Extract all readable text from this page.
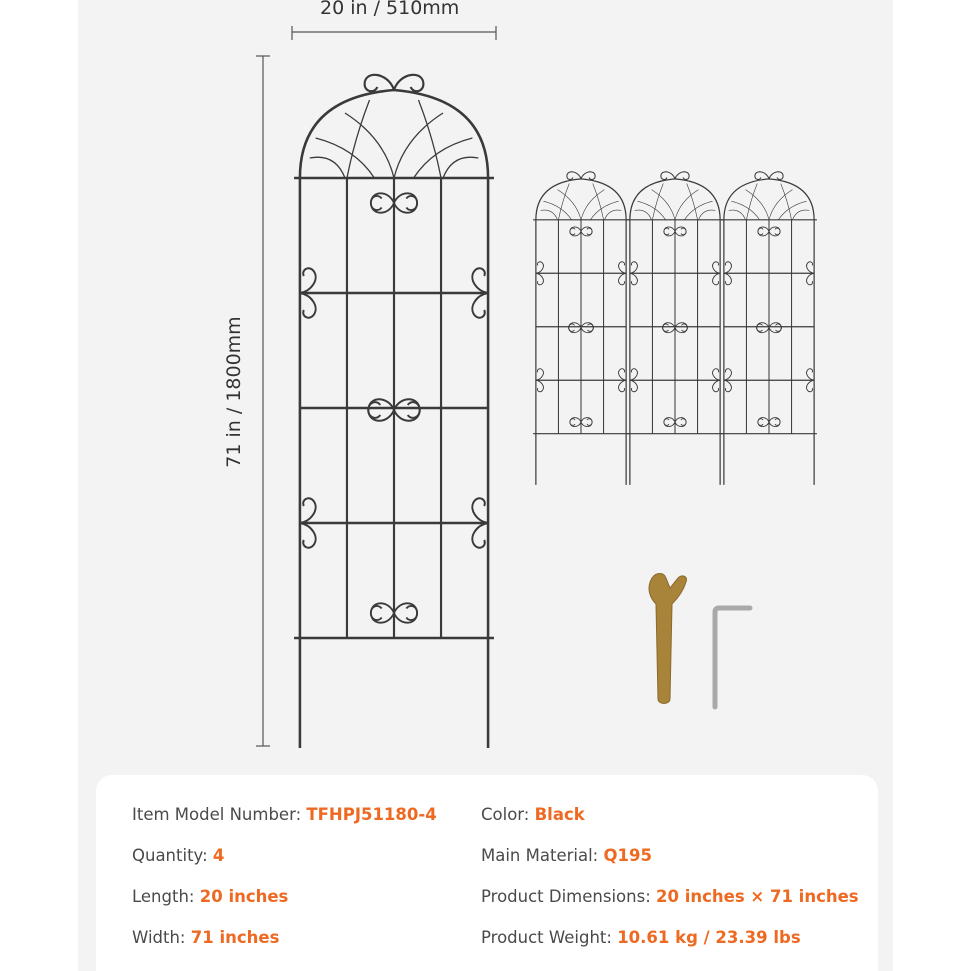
20 in / 510mm
71 in / 1800mm
Item Model Number: TFHPJ51180-4
Quantity: 4
Length: 20 inches
Width: 71 inches
Color: Black
Main Material: Q195
Product Dimensions: 20 inches × 71 inches
Product Weight: 10.61 kg / 23.39 lbs
